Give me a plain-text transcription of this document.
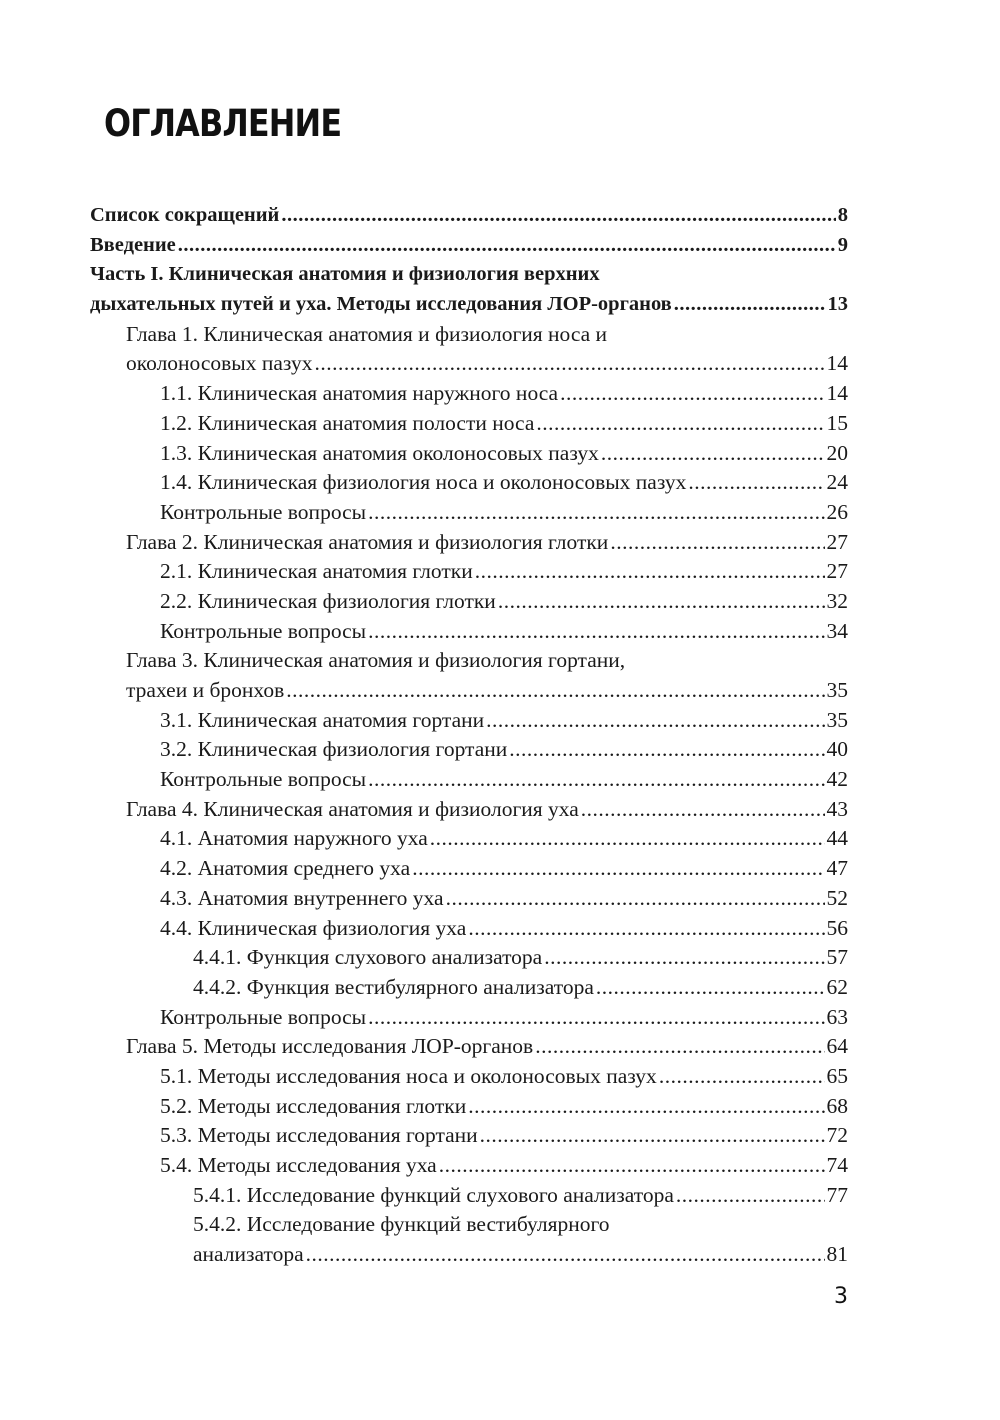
ОГЛАВЛЕНИЕ
Список сокращений .....	8
Введение .....	9
Часть I. Клиническая анатомия и физиология верхних
дыхательных путей и уха. Методы исследования ЛОР-органов .....	13
Глава 1. Клиническая анатомия и физиология носа и
околоносовых пазух .....	14
1.1. Клиническая анатомия наружного носа .....	14
1.2. Клиническая анатомия полости носа .....	15
1.3. Клиническая анатомия околоносовых пазух .....	20
1.4. Клиническая физиология носа и околоносовых пазух .....	24
Контрольные вопросы .....	26
Глава 2. Клиническая анатомия и физиология глотки .....	27
2.1. Клиническая анатомия глотки .....	27
2.2. Клиническая физиология глотки .....	32
Контрольные вопросы .....	34
Глава 3. Клиническая анатомия и физиология гортани,
трахеи и бронхов .....	35
3.1. Клиническая анатомия гортани .....	35
3.2. Клиническая физиология гортани .....	40
Контрольные вопросы .....	42
Глава 4. Клиническая анатомия и физиология уха .....	43
4.1. Анатомия наружного уха .....	44
4.2. Анатомия среднего уха .....	47
4.3. Анатомия внутреннего уха .....	52
4.4. Клиническая физиология уха .....	56
4.4.1. Функция слухового анализатора .....	57
4.4.2. Функция вестибулярного анализатора .....	62
Контрольные вопросы .....	63
Глава 5. Методы исследования ЛОР-органов .....	64
5.1. Методы исследования носа и околоносовых пазух .....	65
5.2. Методы исследования глотки .....	68
5.3. Методы исследования гортани .....	72
5.4. Методы исследования уха .....	74
5.4.1. Исследование функций слухового анализатора .....	77
5.4.2. Исследование функций вестибулярного
анализатора .....	81
3
